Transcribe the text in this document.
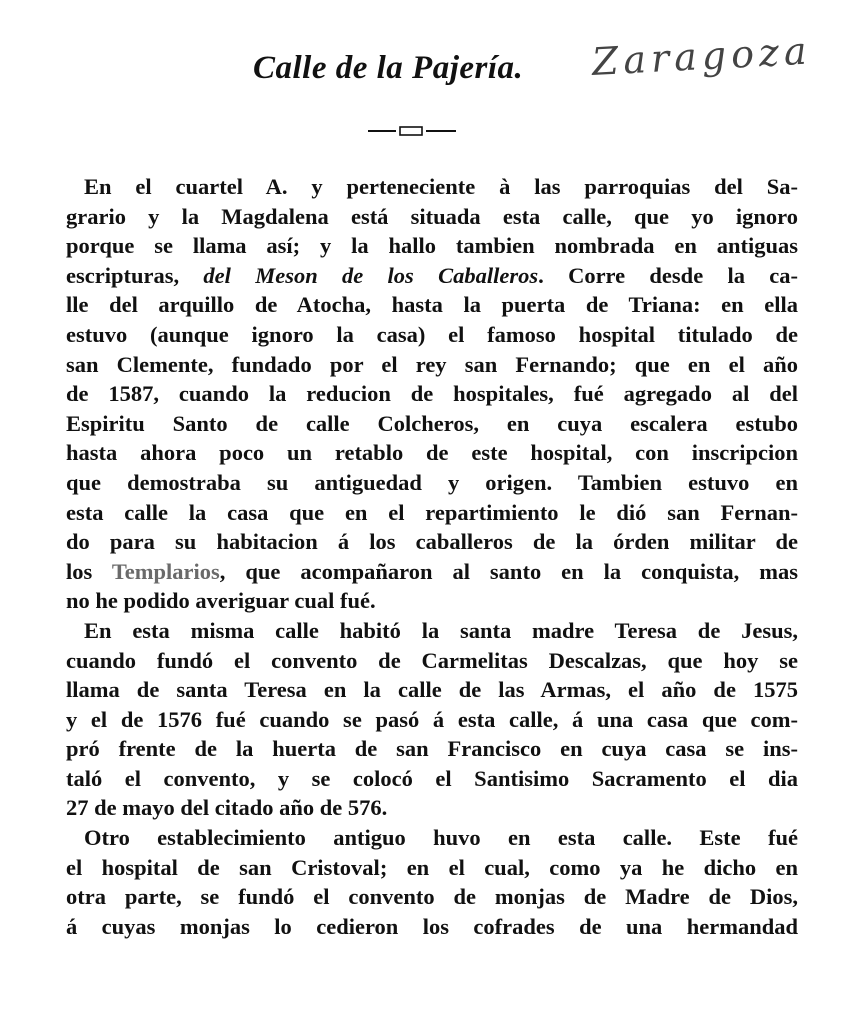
Calle de la Pajería. Zaragoza
En el cuartel A. y perteneciente à las parroquias del Sa-
grario y la Magdalena está situada esta calle, que yo ignoro
porque se llama así; y la hallo tambien nombrada en antiguas
escripturas, del Meson de los Caballeros. Corre desde la ca-
lle del arquillo de Atocha, hasta la puerta de Triana: en ella
estuvo (aunque ignoro la casa) el famoso hospital titulado de
san Clemente, fundado por el rey san Fernando; que en el año
de 1587, cuando la reducion de hospitales, fué agregado al del
Espiritu Santo de calle Colcheros, en cuya escalera estubo
hasta ahora poco un retablo de este hospital, con inscripcion
que demostraba su antiguedad y origen. Tambien estuvo en
esta calle la casa que en el repartimiento le dió san Fernan-
do para su habitacion á los caballeros de la órden militar de
los Templarios, que acompañaron al santo en la conquista, mas
no he podido averiguar cual fué.
En esta misma calle habitó la santa madre Teresa de Jesus,
cuando fundó el convento de Carmelitas Descalzas, que hoy se
llama de santa Teresa en la calle de las Armas, el año de 1575
y el de 1576 fué cuando se pasó á esta calle, á una casa que com-
pró frente de la huerta de san Francisco en cuya casa se ins-
taló el convento, y se colocó el Santisimo Sacramento el dia
27 de mayo del citado año de 576.
Otro establecimiento antiguo huvo en esta calle. Este fué
el hospital de san Cristoval; en el cual, como ya he dicho en
otra parte, se fundó el convento de monjas de Madre de Dios,
á cuyas monjas lo cedieron los cofrades de una hermandad
